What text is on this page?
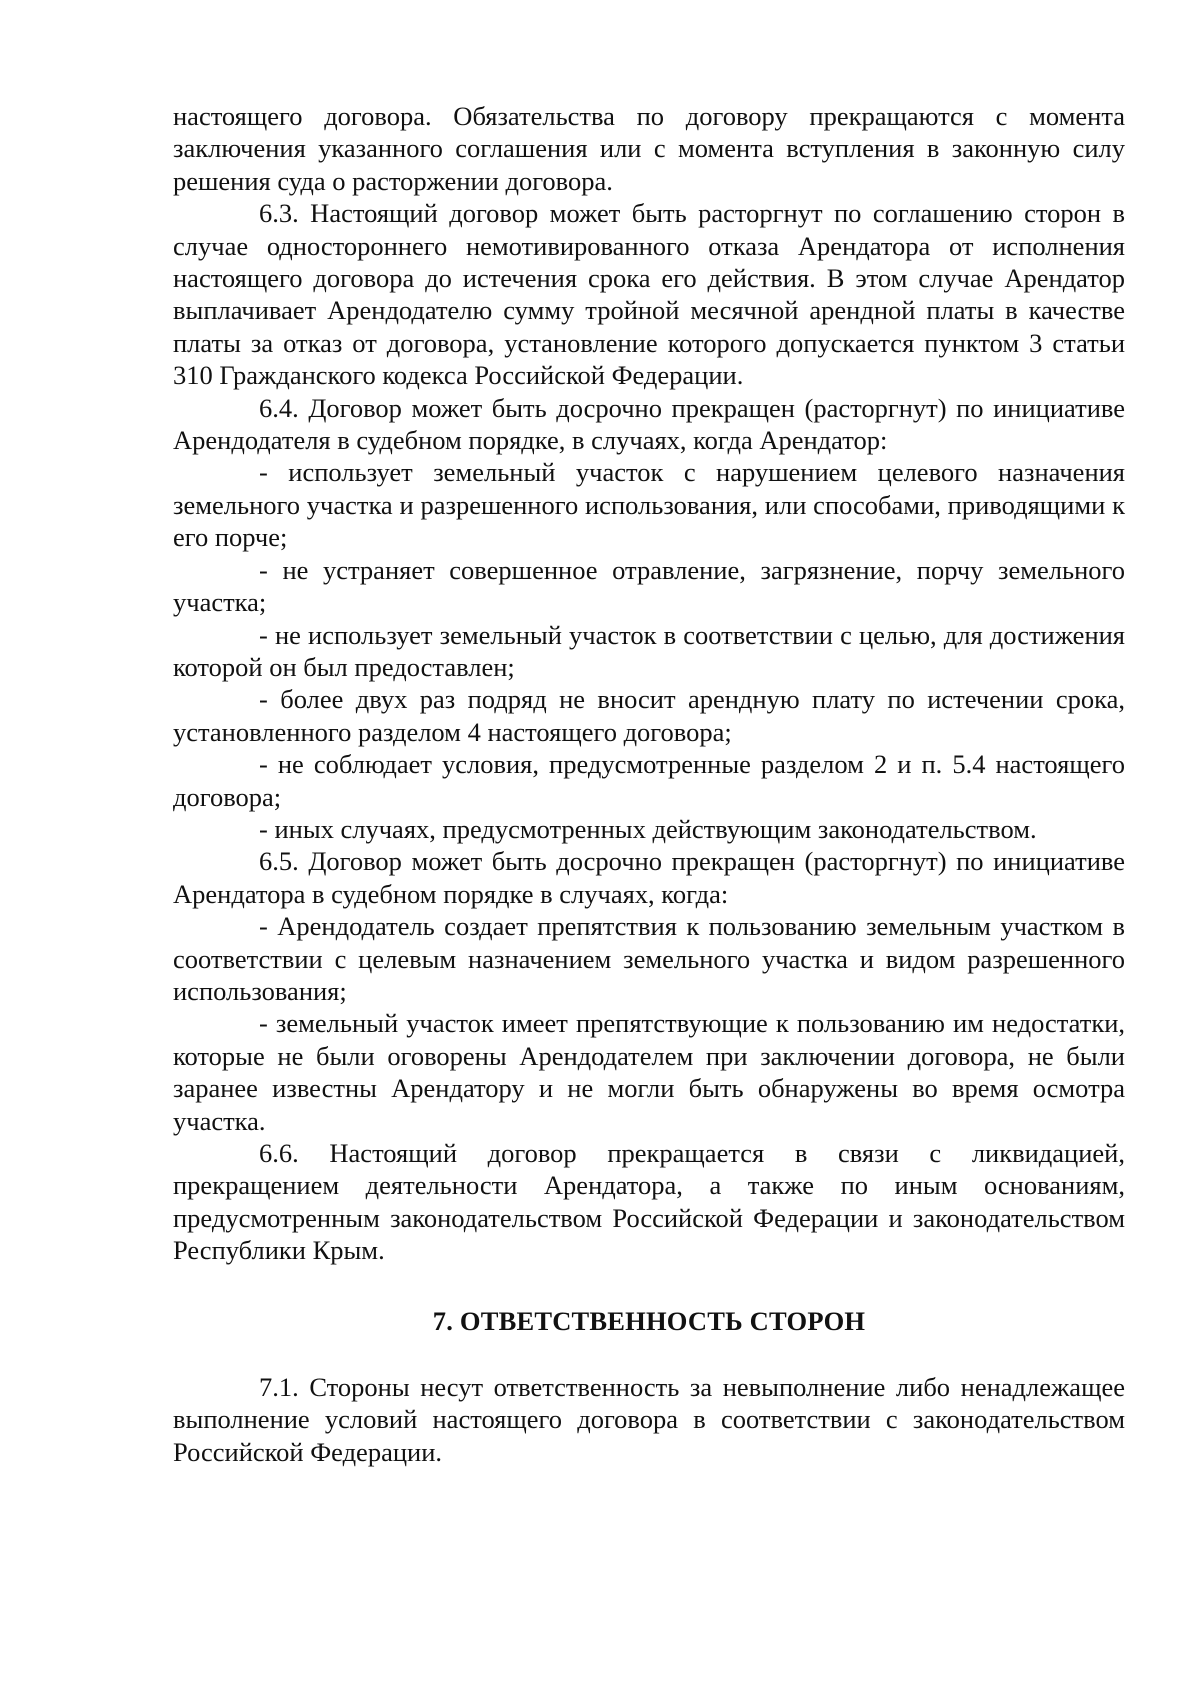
настоящего договора. Обязательства по договору прекращаются с момента заключения указанного соглашения или с момента вступления в законную силу решения суда о расторжении договора.

6.3. Настоящий договор может быть расторгнут по соглашению сторон в случае одностороннего немотивированного отказа Арендатора от исполнения настоящего договора до истечения срока его действия. В этом случае Арендатор выплачивает Арендодателю сумму тройной месячной арендной платы в качестве платы за отказ от договора, установление которого допускается пунктом 3 статьи 310 Гражданского кодекса Российской Федерации.

6.4. Договор может быть досрочно прекращен (расторгнут) по инициативе Арендодателя в судебном порядке, в случаях, когда Арендатор:

- использует земельный участок с нарушением целевого назначения земельного участка и разрешенного использования, или способами, приводящими к его порче;

- не устраняет совершенное отравление, загрязнение, порчу земельного участка;

- не использует земельный участок в соответствии с целью, для достижения которой он был предоставлен;

- более двух раз подряд не вносит арендную плату по истечении срока, установленного разделом 4 настоящего договора;

- не соблюдает условия, предусмотренные разделом 2 и п. 5.4 настоящего договора;

- иных случаях, предусмотренных действующим законодательством.

6.5. Договор может быть досрочно прекращен (расторгнут) по инициативе Арендатора в судебном порядке в случаях, когда:

- Арендодатель создает препятствия к пользованию земельным участком в соответствии с целевым назначением земельного участка и видом разрешенного использования;

- земельный участок имеет препятствующие к пользованию им недостатки, которые не были оговорены Арендодателем при заключении договора, не были заранее известны Арендатору и не могли быть обнаружены во время осмотра участка.

6.6. Настоящий договор прекращается в связи с ликвидацией, прекращением деятельности Арендатора, а также по иным основаниям, предусмотренным законодательством Российской Федерации и законодательством Республики Крым.

7. ОТВЕТСТВЕННОСТЬ СТОРОН

7.1. Стороны несут ответственность за невыполнение либо ненадлежащее выполнение условий настоящего договора в соответствии с законодательством Российской Федерации.
